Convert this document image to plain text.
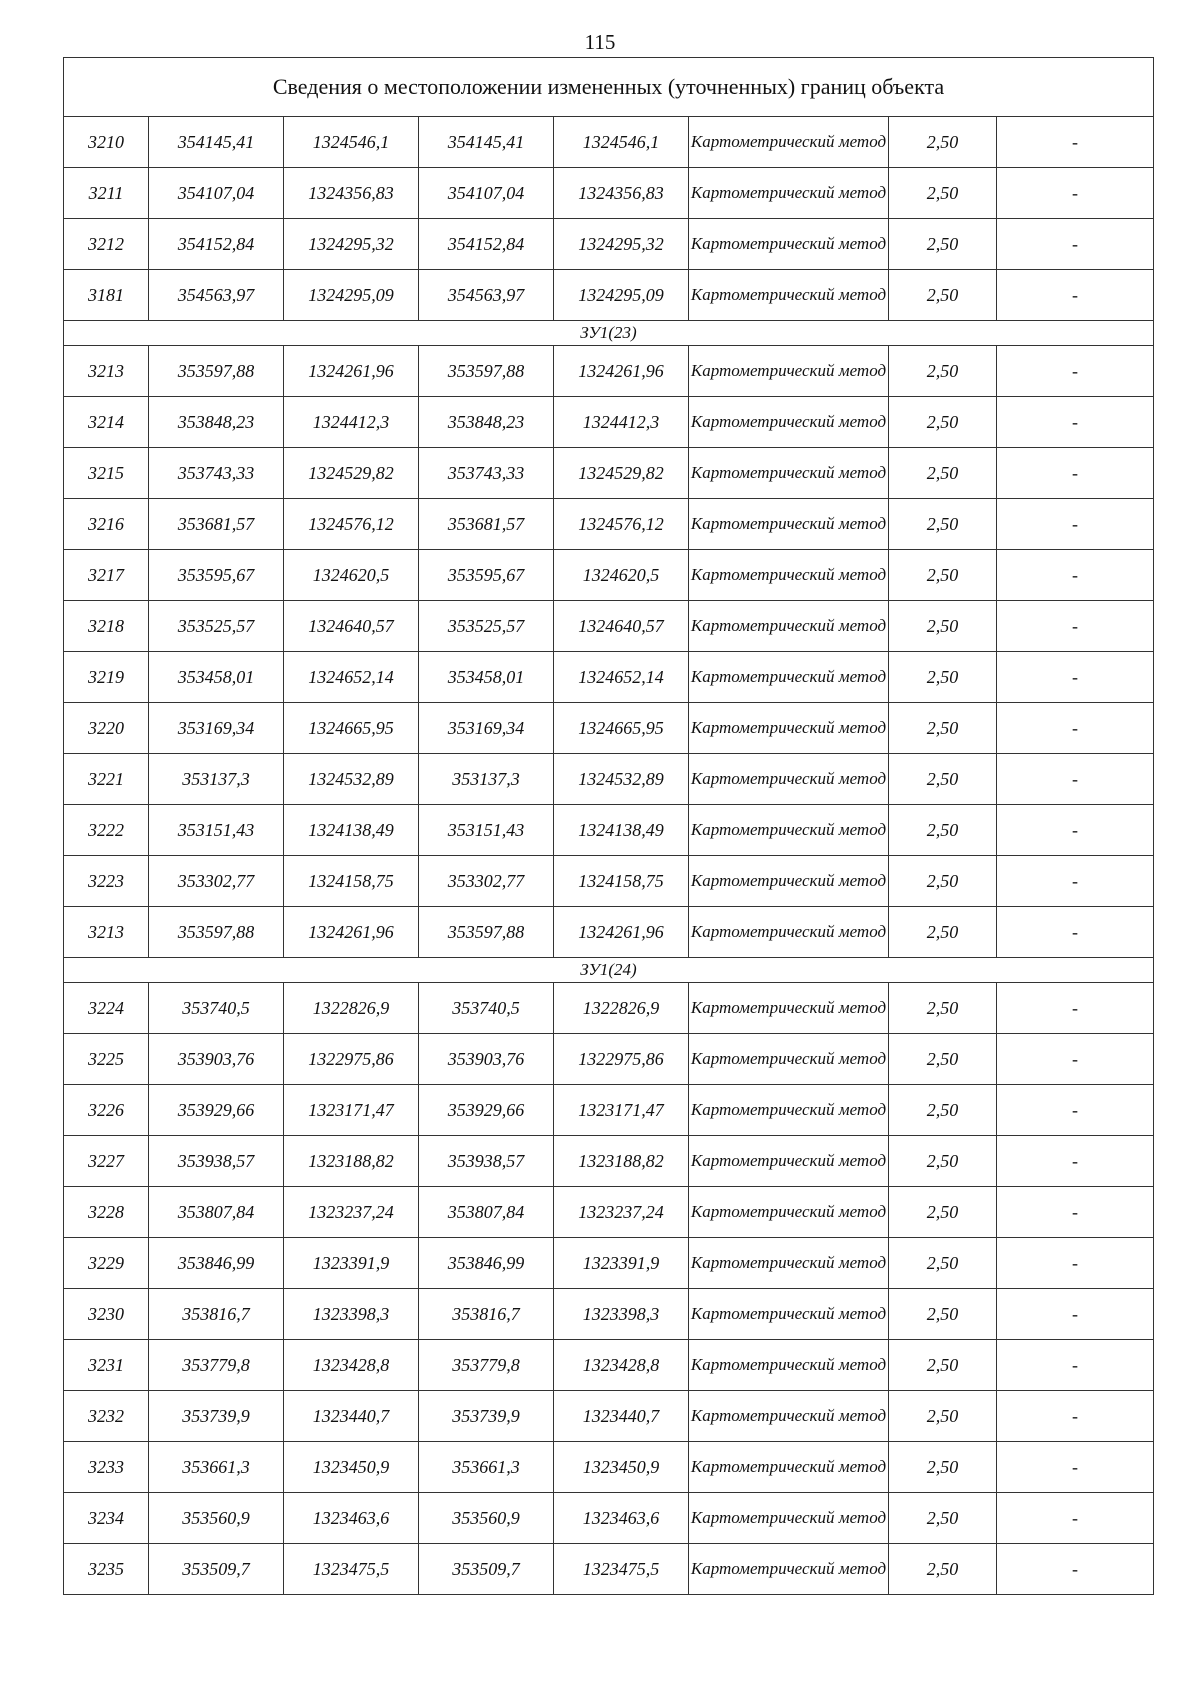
115
Сведения о местоположении измененных (уточненных) границ объекта							
3210	354145,41	1324546,1	354145,41	1324546,1	Картометрический метод	2,50	-
3211	354107,04	1324356,83	354107,04	1324356,83	Картометрический метод	2,50	-
3212	354152,84	1324295,32	354152,84	1324295,32	Картометрический метод	2,50	-
3181	354563,97	1324295,09	354563,97	1324295,09	Картометрический метод	2,50	-
ЗУ1(23)							
3213	353597,88	1324261,96	353597,88	1324261,96	Картометрический метод	2,50	-
3214	353848,23	1324412,3	353848,23	1324412,3	Картометрический метод	2,50	-
3215	353743,33	1324529,82	353743,33	1324529,82	Картометрический метод	2,50	-
3216	353681,57	1324576,12	353681,57	1324576,12	Картометрический метод	2,50	-
3217	353595,67	1324620,5	353595,67	1324620,5	Картометрический метод	2,50	-
3218	353525,57	1324640,57	353525,57	1324640,57	Картометрический метод	2,50	-
3219	353458,01	1324652,14	353458,01	1324652,14	Картометрический метод	2,50	-
3220	353169,34	1324665,95	353169,34	1324665,95	Картометрический метод	2,50	-
3221	353137,3	1324532,89	353137,3	1324532,89	Картометрический метод	2,50	-
3222	353151,43	1324138,49	353151,43	1324138,49	Картометрический метод	2,50	-
3223	353302,77	1324158,75	353302,77	1324158,75	Картометрический метод	2,50	-
3213	353597,88	1324261,96	353597,88	1324261,96	Картометрический метод	2,50	-
ЗУ1(24)							
3224	353740,5	1322826,9	353740,5	1322826,9	Картометрический метод	2,50	-
3225	353903,76	1322975,86	353903,76	1322975,86	Картометрический метод	2,50	-
3226	353929,66	1323171,47	353929,66	1323171,47	Картометрический метод	2,50	-
3227	353938,57	1323188,82	353938,57	1323188,82	Картометрический метод	2,50	-
3228	353807,84	1323237,24	353807,84	1323237,24	Картометрический метод	2,50	-
3229	353846,99	1323391,9	353846,99	1323391,9	Картометрический метод	2,50	-
3230	353816,7	1323398,3	353816,7	1323398,3	Картометрический метод	2,50	-
3231	353779,8	1323428,8	353779,8	1323428,8	Картометрический метод	2,50	-
3232	353739,9	1323440,7	353739,9	1323440,7	Картометрический метод	2,50	-
3233	353661,3	1323450,9	353661,3	1323450,9	Картометрический метод	2,50	-
3234	353560,9	1323463,6	353560,9	1323463,6	Картометрический метод	2,50	-
3235	353509,7	1323475,5	353509,7	1323475,5	Картометрический метод	2,50	-
